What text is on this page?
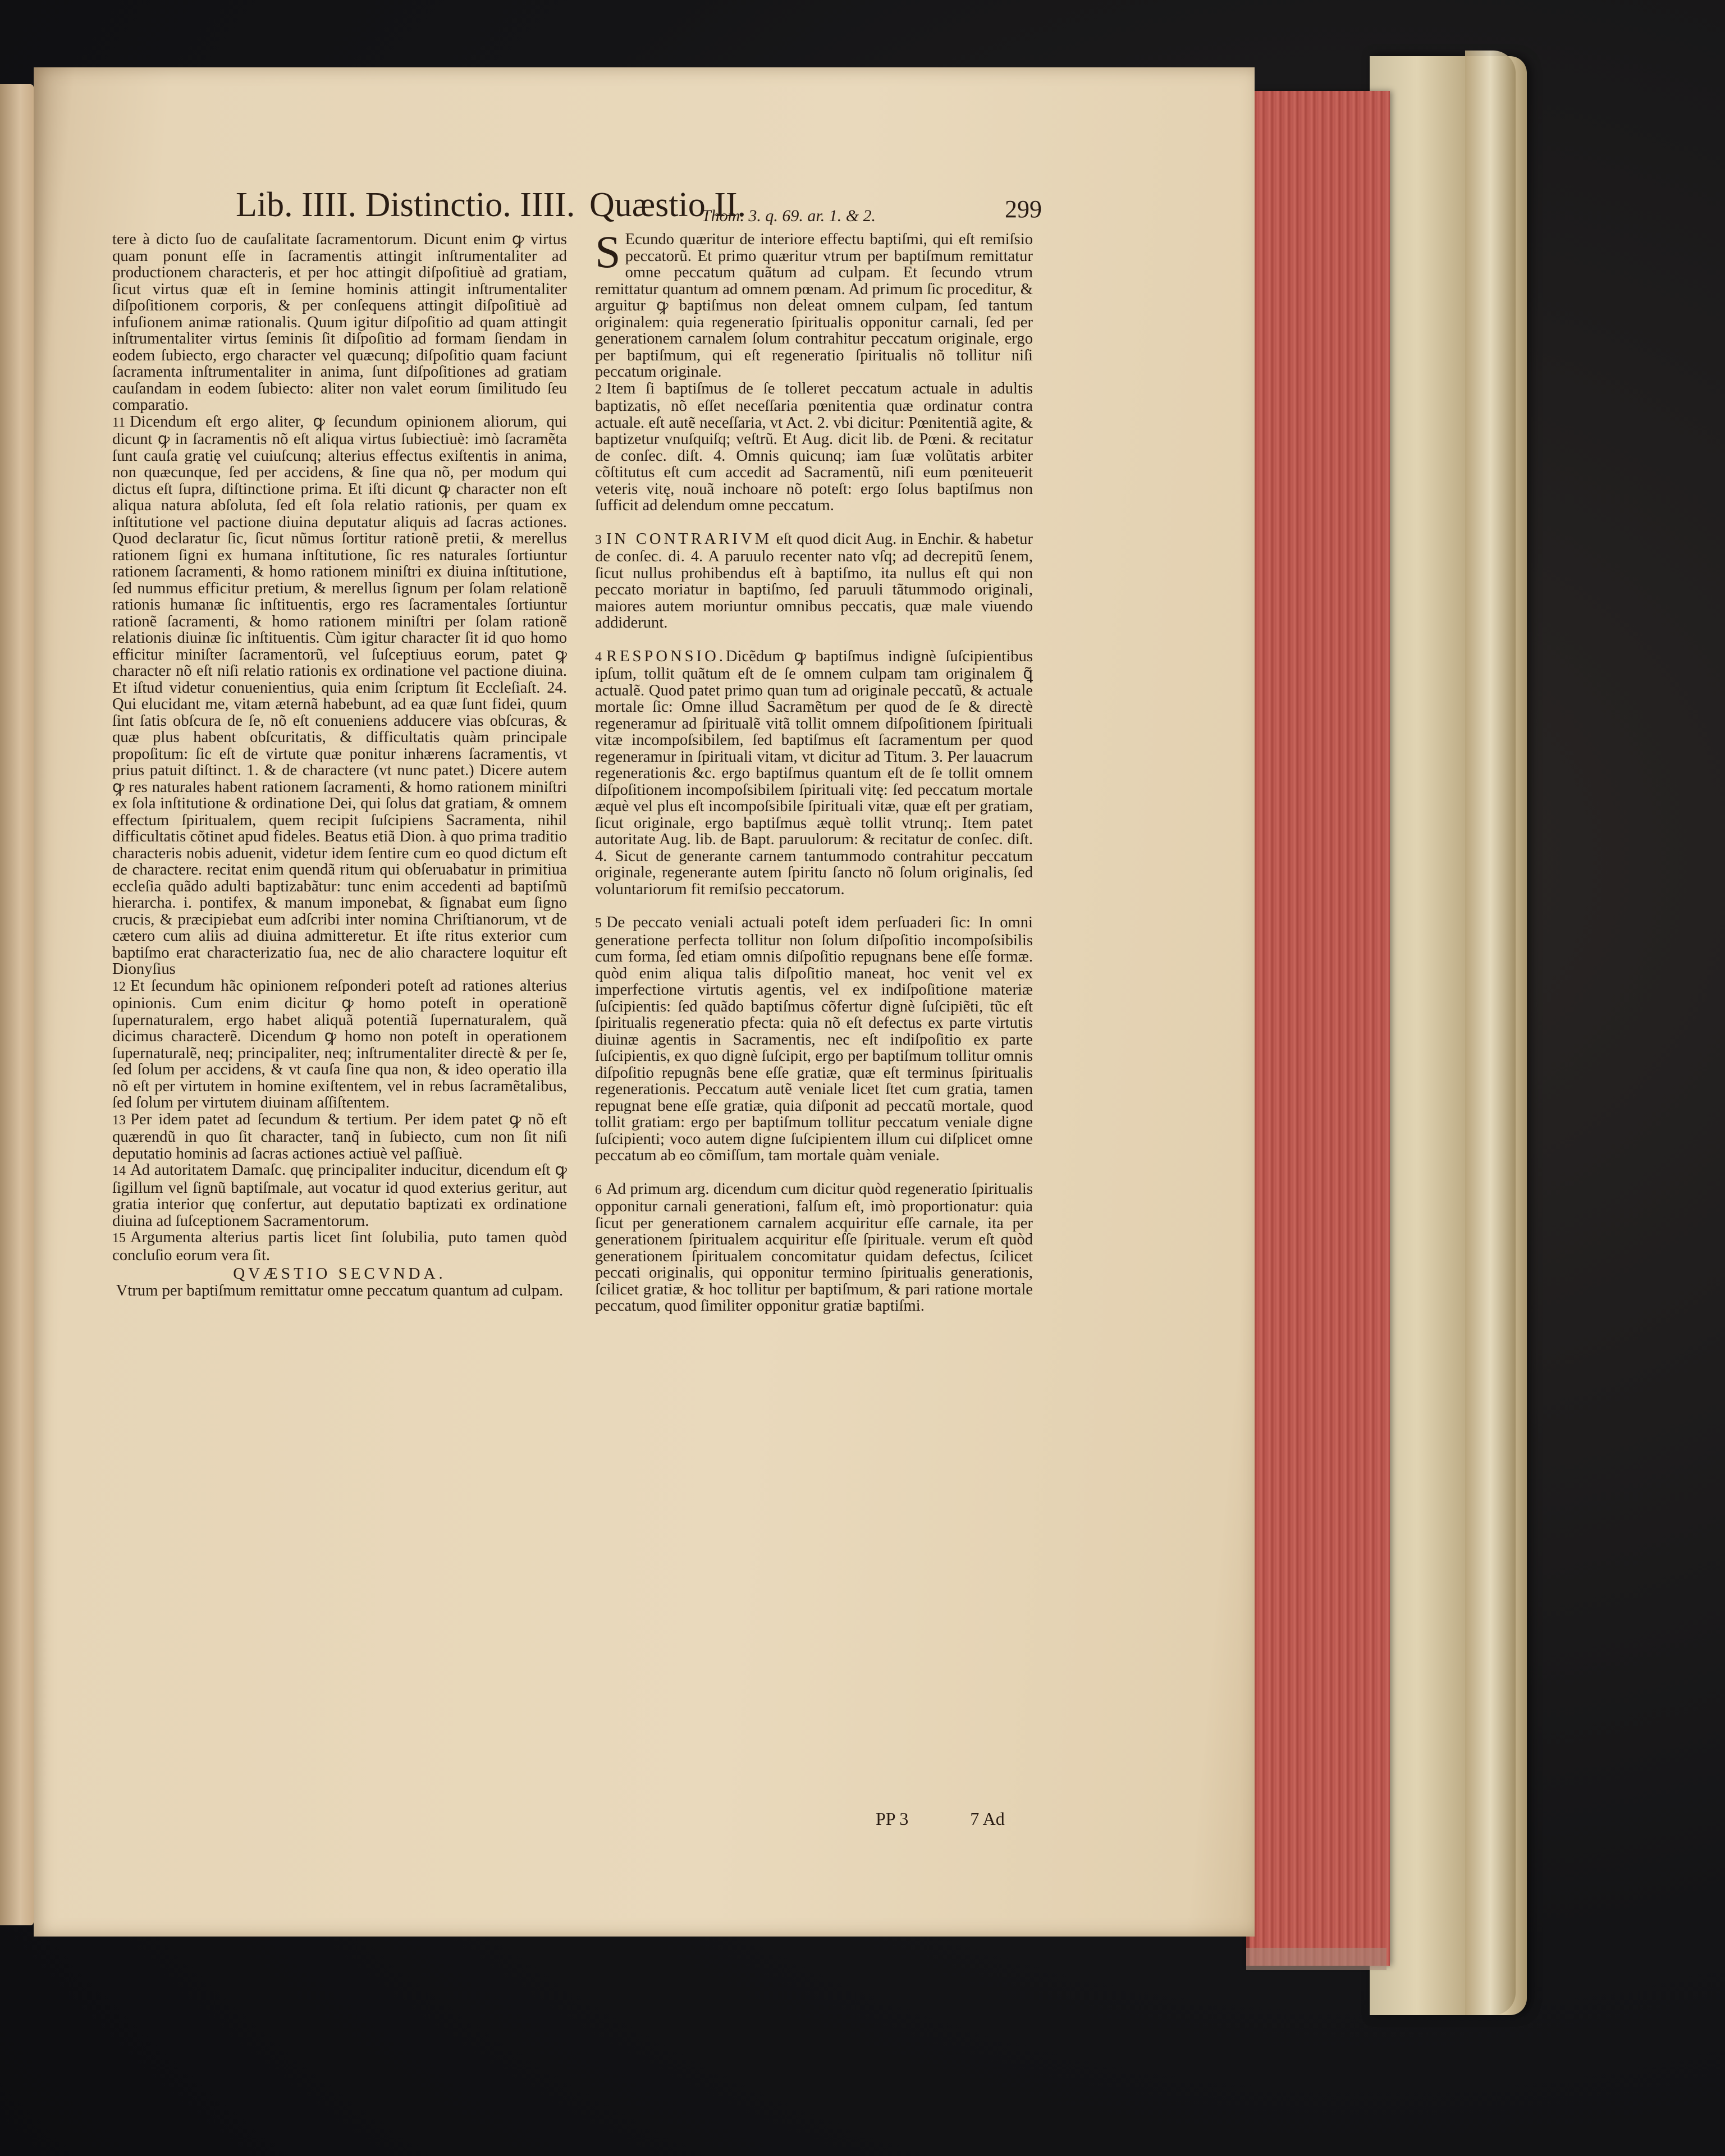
Lib. IIII. Distinctio. IIII. Quæstio II.	299
Thom. 3. q. 69. ar. 1. & 2.

tere à dicto ſuo de cauſalitate ſacramentorum. Dicunt enim ꝙ virtus quam ponunt eſſe in ſacramentis attingit inſtrumentaliter ad productionem characteris, et per hoc attingit diſpoſitiuè ad gratiam, ſicut virtus quæ eſt in ſemine hominis attingit inſtrumentaliter diſpoſitionem corporis, & per conſequens attingit diſpoſitiuè ad infuſionem animæ rationalis. Quum igitur diſpoſitio ad quam attingit inſtrumentaliter virtus ſeminis ſit diſpoſitio ad formam ſiendam in eodem ſubiecto, ergo character vel quæcunq; diſpoſitio quam faciunt ſacramenta inſtrumentaliter in anima, ſunt diſpoſitiones ad gratiam cauſandam in eodem ſubiecto: aliter non valet eorum ſimilitudo ſeu comparatio.

11 Dicendum eſt ergo aliter, ꝙ ſecundum opinionem aliorum, qui dicunt ꝙ in ſacramentis nõ eſt aliqua virtus ſubiectiuè: imò ſacramẽta ſunt cauſa gratię vel cuiuſcunq; alterius effectus exiſtentis in anima, non quæcunque, ſed per accidens, & ſine qua nõ, per modum qui dictus eſt ſupra, diſtinctione prima. Et iſti dicunt ꝙ character non eſt aliqua natura abſoluta, ſed eſt ſola relatio rationis, per quam ex inſtitutione vel pactione diuina deputatur aliquis ad ſacras actiones. Quod declaratur ſic, ſicut nũmus ſortitur rationẽ pretii, & merellus rationem ſigni ex humana inſtitutione, ſic res naturales ſortiuntur rationem ſacramenti, & homo rationem miniſtri ex diuina inſtitutione, ſed nummus efficitur pretium, & merellus ſignum per ſolam relationẽ rationis humanæ ſic inſtituentis, ergo res ſacramentales ſortiuntur rationẽ ſacramenti, & homo rationem miniſtri per ſolam rationẽ relationis diuinæ ſic inſtituentis. Cùm igitur character ſit id quo homo efficitur miniſter ſacramentorũ, vel ſuſceptiuus eorum, patet ꝙ character nõ eſt niſi relatio rationis ex ordinatione vel pactione diuina. Et iſtud videtur conuenientius, quia enim ſcriptum ſit Eccleſiaſt. 24. Qui elucidant me, vitam æternã habebunt, ad ea quæ ſunt fidei, quum ſint ſatis obſcura de ſe, nõ eſt conueniens adducere vias obſcuras, & quæ plus habent obſcuritatis, & difficultatis quàm principale propoſitum: ſic eſt de virtute quæ ponitur inhærens ſacramentis, vt prius patuit diſtinct. 1. & de charactere (vt nunc patet.) Dicere autem ꝙ res naturales habent rationem ſacramenti, & homo rationem miniſtri ex ſola inſtitutione & ordinatione Dei, qui ſolus dat gratiam, & omnem effectum ſpiritualem, quem recipit ſuſcipiens Sacramenta, nihil difficultatis cõtinet apud fideles. Beatus etiã Dion. à quo prima traditio characteris nobis aduenit, videtur idem ſentire cum eo quod dictum eſt de charactere. recitat enim quendã ritum qui obſeruabatur in primitiua eccleſia quãdo adulti baptizabãtur: tunc enim accedenti ad baptiſmũ hierarcha. i. pontifex, & manum imponebat, & ſignabat eum ſigno crucis, & præcipiebat eum adſcribi inter nomina Chriſtianorum, vt de cætero cum aliis ad diuina admitteretur. Et iſte ritus exterior cum baptiſmo erat characterizatio ſua, nec de alio charactere loquitur eſt Dionyſius

12 Et ſecundum hãc opinionem reſponderi poteſt ad rationes alterius opinionis. Cum enim dicitur ꝙ homo poteſt in operationẽ ſupernaturalem, ergo habet aliquã potentiã ſupernaturalem, quã dicimus characterẽ. Dicendum ꝙ homo non poteſt in operationem ſupernaturalẽ, neq; principaliter, neq; inſtrumentaliter directè & per ſe, ſed ſolum per accidens, & vt cauſa ſine qua non, & ideo operatio illa nõ eſt per virtutem in homine exiſtentem, vel in rebus ſacramẽtalibus, ſed ſolum per virtutem diuinam aſſiſtentem.

13 Per idem patet ad ſecundum & tertium. Per idem patet ꝙ nõ eſt quærendũ in quo ſit character, tanq̃ in ſubiecto, cum non ſit niſi deputatio hominis ad ſacras actiones actiuè vel paſſiuè.

14 Ad autoritatem Damaſc. quę principaliter inducitur, dicendum eſt ꝙ ſigillum vel ſignũ baptiſmale, aut vocatur id quod exterius geritur, aut gratia interior quę confertur, aut deputatio baptizati ex ordinatione diuina ad ſuſceptionem Sacramentorum.

15 Argumenta alterius partis licet ſint ſolubilia, puto tamen quòd concluſio eorum vera ſit.

QVÆSTIO SECVNDA.
Vtrum per baptiſmum remittatur omne peccatum quantum ad culpam.

S Ecundo quæritur de interiore effectu baptiſmi, qui eſt remiſsio peccatorũ. Et primo quæritur vtrum per baptiſmum remittatur omne peccatum quãtum ad culpam. Et ſecundo vtrum remittatur quantum ad omnem pœnam. Ad primum ſic proceditur, & arguitur ꝙ baptiſmus non deleat omnem culpam, ſed tantum originalem: quia regeneratio ſpiritualis opponitur carnali, ſed per generationem carnalem ſolum contrahitur peccatum originale, ergo per baptiſmum, qui eſt regeneratio ſpiritualis nõ tollitur niſi peccatum originale.

2 Item ſi baptiſmus de ſe tolleret peccatum actuale in adultis baptizatis, nõ eſſet neceſſaria pœnitentia quæ ordinatur contra actuale. eſt autẽ neceſſaria, vt Act. 2. vbi dicitur: Pœnitentiã agite, & baptizetur vnuſquiſq; veſtrũ. Et Aug. dicit lib. de Pœni. & recitatur de conſec. diſt. 4. Omnis quicunq; iam ſuæ volũtatis arbiter cõſtitutus eſt cum accedit ad Sacramentũ, niſi eum pœniteuerit veteris vitę, nouã inchoare nõ poteſt: ergo ſolus baptiſmus non ſufficit ad delendum omne peccatum.

3 IN CONTRARIVM eſt quod dicit Aug. in Enchir. & habetur de conſec. di. 4. A paruulo recenter nato vſq; ad decrepitũ ſenem, ſicut nullus prohibendus eſt à baptiſmo, ita nullus eſt qui non peccato moriatur in baptiſmo, ſed paruuli tãtummodo originali, maiores autem moriuntur omnibus peccatis, quæ male viuendo addiderunt.

4 RESPONSIO.Dicẽdum ꝙ baptiſmus indignè ſuſcipientibus ipſum, tollit quãtum eſt de ſe omnem culpam tam originalem ꝗ̃ actualẽ. Quod patet primo quan tum ad originale peccatũ, & actuale mortale ſic: Omne illud Sacramẽtum per quod de ſe & directè regeneramur ad ſpiritualẽ vitã tollit omnem diſpoſitionem ſpirituali vitæ incompoſsibilem, ſed baptiſmus eſt ſacramentum per quod regeneramur in ſpirituali vitam, vt dicitur ad Titum. 3. Per lauacrum regenerationis &c. ergo baptiſmus quantum eſt de ſe tollit omnem diſpoſitionem incompoſsibilem ſpirituali vitę: ſed peccatum mortale æquè vel plus eſt incompoſsibile ſpirituali vitæ, quæ eſt per gratiam, ſicut originale, ergo baptiſmus æquè tollit vtrunq;. Item patet autoritate Aug. lib. de Bapt. paruulorum: & recitatur de conſec. diſt. 4. Sicut de generante carnem tantummodo contrahitur peccatum originale, regenerante autem ſpiritu ſancto nõ ſolum originalis, ſed voluntariorum fit remiſsio peccatorum.

5 De peccato veniali actuali poteſt idem perſuaderi ſic: In omni generatione perfecta tollitur non ſolum diſpoſitio incompoſsibilis cum forma, ſed etiam omnis diſpoſitio repugnans bene eſſe formæ. quòd enim aliqua talis diſpoſitio maneat, hoc venit vel ex imperfectione virtutis agentis, vel ex indiſpoſitione materiæ ſuſcipientis: ſed quãdo baptiſmus cõfertur dignè ſuſcipiẽti, tũc eſt ſpiritualis regeneratio pfecta: quia nõ eſt defectus ex parte virtutis diuinæ agentis in Sacramentis, nec eſt indiſpoſitio ex parte ſuſcipientis, ex quo dignè ſuſcipit, ergo per baptiſmum tollitur omnis diſpoſitio repugnãs bene eſſe gratiæ, quæ eſt terminus ſpiritualis regenerationis. Peccatum autẽ veniale licet ſtet cum gratia, tamen repugnat bene eſſe gratiæ, quia diſponit ad peccatũ mortale, quod tollit gratiam: ergo per baptiſmum tollitur peccatum veniale digne ſuſcipienti; voco autem digne ſuſcipientem illum cui diſplicet omne peccatum ab eo cõmiſſum, tam mortale quàm veniale.

6 Ad primum arg. dicendum cum dicitur quòd regeneratio ſpiritualis opponitur carnali generationi, falſum eſt, imò proportionatur: quia ſicut per generationem carnalem acquiritur eſſe carnale, ita per generationem ſpiritualem acquiritur eſſe ſpirituale. verum eſt quòd generationem ſpiritualem concomitatur quidam defectus, ſcilicet peccati originalis, qui opponitur termino ſpiritualis generationis, ſcilicet gratiæ, & hoc tollitur per baptiſmum, & pari ratione mortale peccatum, quod ſimiliter opponitur gratiæ baptiſmi.

PP 3	7 Ad
